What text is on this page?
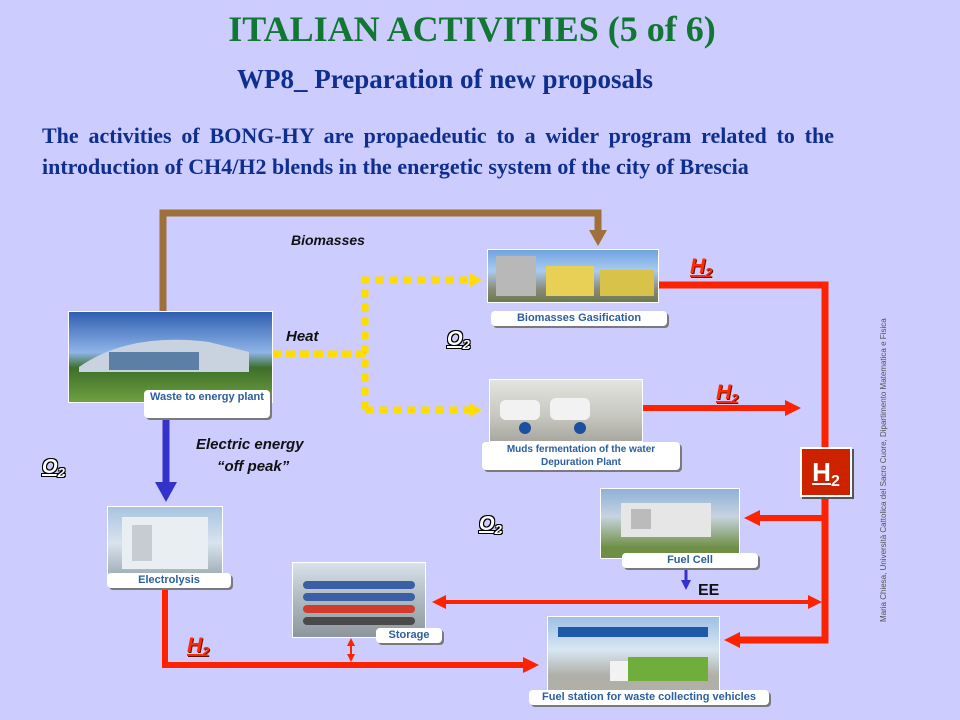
ITALIAN ACTIVITIES (5 of 6)
WP8_ Preparation of new proposals
The activities of BONG-HY are propaedeutic to a wider program related to the introduction of CH4/H2 blends in the energetic system of the city of Brescia
Waste to energy plant
Biomasses Gasification
Muds fermentation of the water Depuration Plant
Fuel Cell
Electrolysis
Storage
Fuel station for waste collecting vehicles
Biomasses
Heat
Electric energy
“off peak”
EE
H2
H2
H2
$O_2$
$O_2$
$O_2$
H2	Maria Chiesa, Università Cattolica del Sacro Cuore, Dipartimento Matematica e Fisica
